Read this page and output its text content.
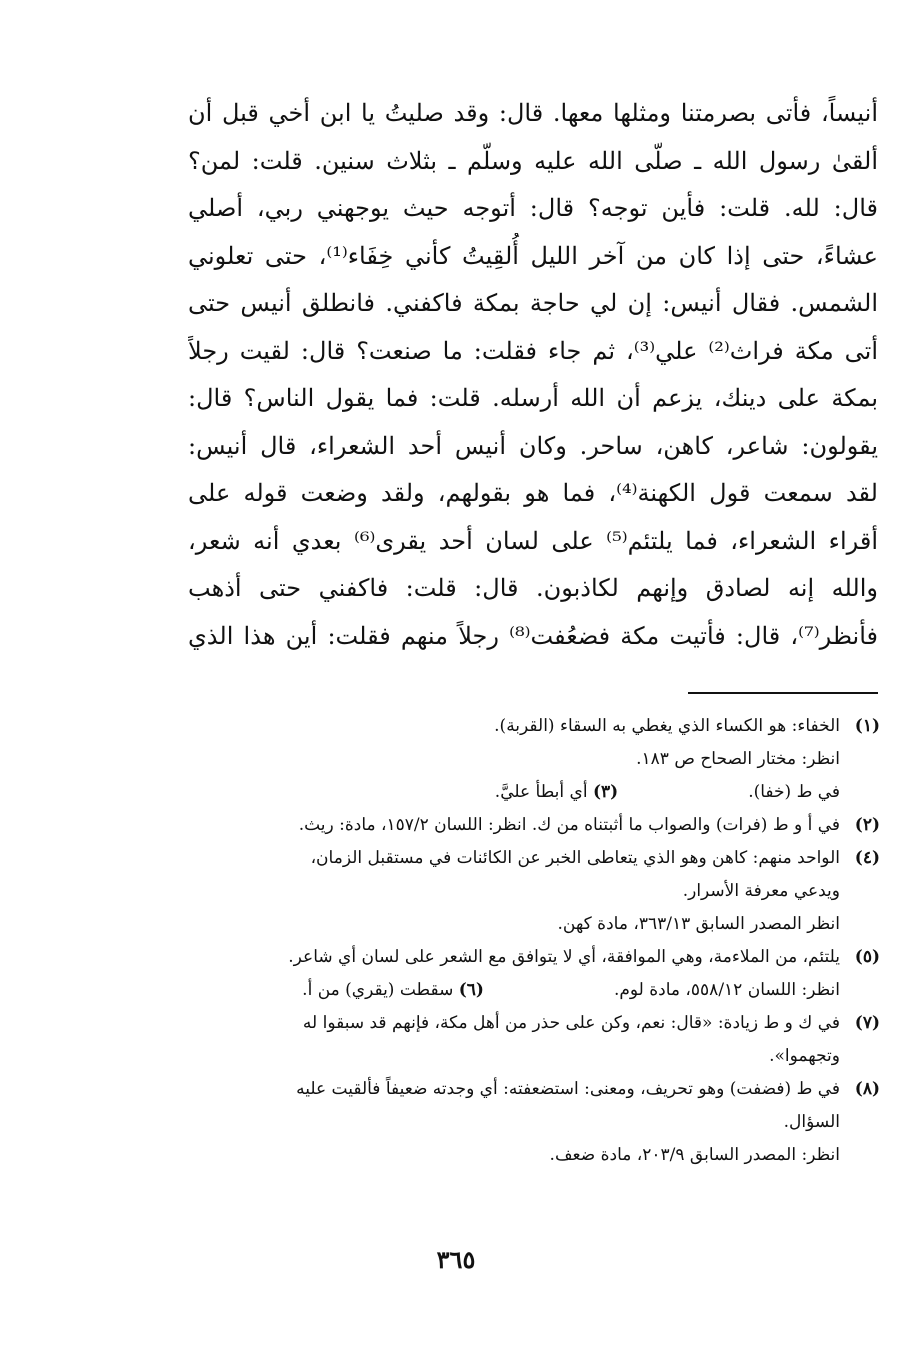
أنيساً، فأتى بصرمتنا ومثلها معها. قال: وقد صليتُ يا ابن أخي قبل أن
ألقىٰ رسول الله ـ صلّى الله عليه وسلّم ـ بثلاث سنين. قلت: لمن؟
قال: لله. قلت: فأين توجه؟ قال: أتوجه حيث يوجهني ربي، أصلي
عشاءً، حتى إذا كان من آخر الليل أُلقِيتُ كأني خِفَاء⁽¹⁾، حتى تعلوني
الشمس. فقال أنيس: إن لي حاجة بمكة فاكفني. فانطلق أنيس حتى
أتى مكة فراث⁽²⁾ علي⁽³⁾، ثم جاء فقلت: ما صنعت؟ قال: لقيت رجلاً
بمكة على دينك، يزعم أن الله أرسله. قلت: فما يقول الناس؟ قال:
يقولون: شاعر، كاهن، ساحر. وكان أنيس أحد الشعراء، قال أنيس:
لقد سمعت قول الكهنة⁽⁴⁾، فما هو بقولهم، ولقد وضعت قوله على
أقراء الشعراء، فما يلتئم⁽⁵⁾ على لسان أحد يقرى⁽⁶⁾ بعدي أنه شعر،
والله إنه لصادق وإنهم لكاذبون. قال: قلت: فاكفني حتى أذهب
فأنظر⁽⁷⁾، قال: فأتيت مكة فضعُفت⁽⁸⁾ رجلاً منهم فقلت: أين هذا الذي
(١)
الخفاء: هو الكساء الذي يغطي به السقاء (القربة).
انظر: مختار الصحاح ص ١٨٣.
في ط (خفا).
(٣) أي أبطأ عليَّ.
(٢)
في أ و ط (فرات) والصواب ما أثبتناه من ك. انظر: اللسان ١٥٧/٢، مادة: ريث.
(٤)
الواحد منهم: كاهن وهو الذي يتعاطى الخبر عن الكائنات في مستقبل الزمان،
ويدعي معرفة الأسرار.
انظر المصدر السابق ٣٦٣/١٣، مادة كهن.
(٥)
يلتئم، من الملاءمة، وهي الموافقة، أي لا يتوافق مع الشعر على لسان أي شاعر.
انظر: اللسان ٥٥٨/١٢، مادة لوم.
(٦) سقطت (يقري) من أ.
(٧)
في ك و ط زيادة: «قال: نعم، وكن على حذر من أهل مكة، فإنهم قد سبقوا له
وتجهموا».
(٨)
في ط (فضفت) وهو تحريف، ومعنى: استضعفته: أي وجدته ضعيفاً فألقيت عليه
السؤال.
انظر: المصدر السابق ٢٠٣/٩، مادة ضعف.
٣٦٥
